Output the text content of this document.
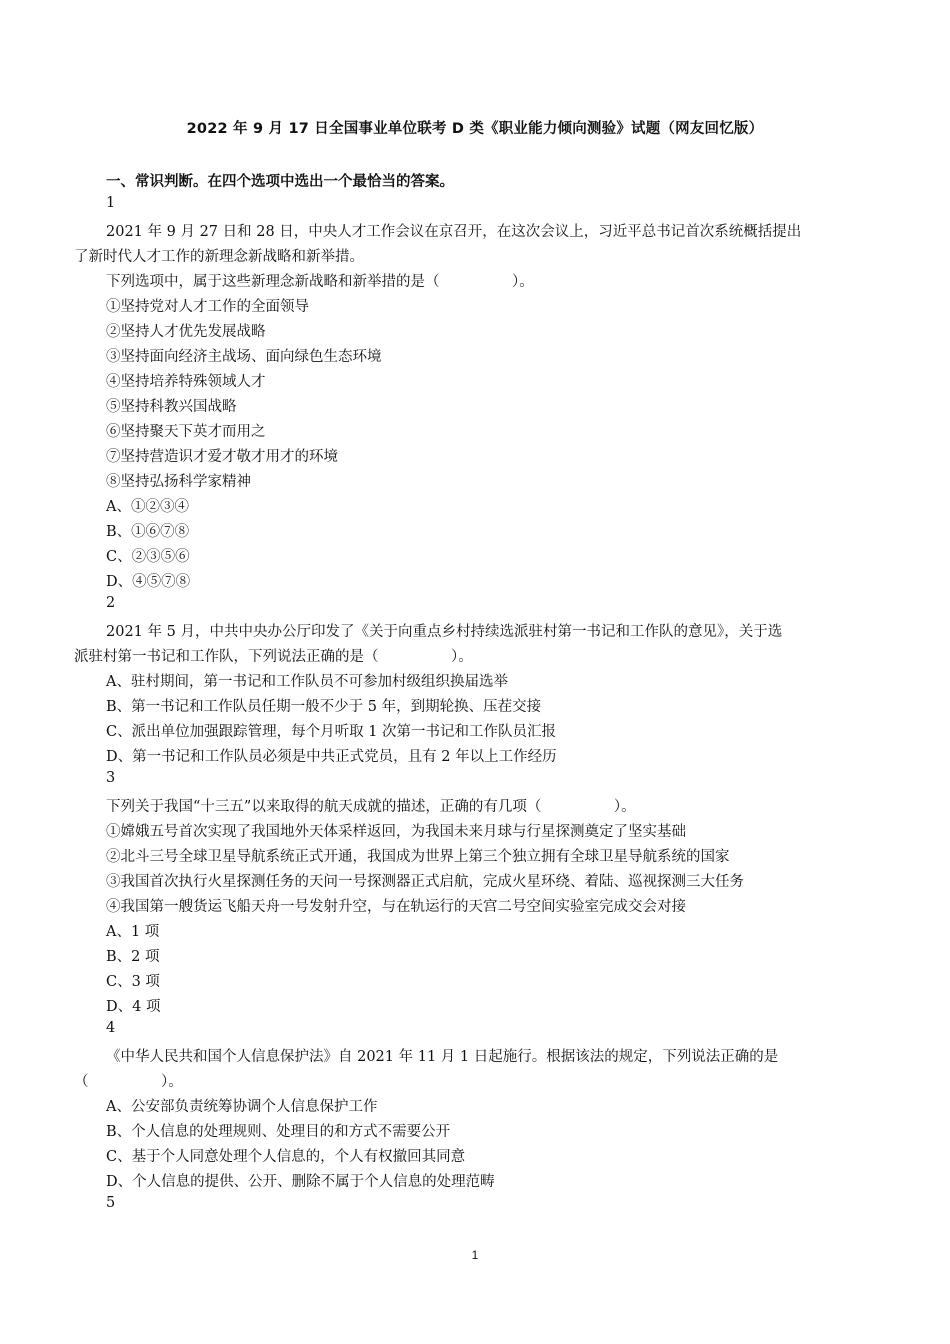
2022 年 9 月 17 日全国事业单位联考 D 类《职业能力倾向测验》试题（网友回忆版）
一、常识判断。在四个选项中选出一个最恰当的答案。
1
2021 年 9 月 27 日和 28 日，中央人才工作会议在京召开，在这次会议上，习近平总书记首次系统概括提出
了新时代人才工作的新理念新战略和新举措。
下列选项中，属于这些新理念新战略和新举措的是（　　　　　）。
①坚持党对人才工作的全面领导
②坚持人才优先发展战略
③坚持面向经济主战场、面向绿色生态环境
④坚持培养特殊领域人才
⑤坚持科教兴国战略
⑥坚持聚天下英才而用之
⑦坚持营造识才爱才敬才用才的环境
⑧坚持弘扬科学家精神
A、①②③④
B、①⑥⑦⑧
C、②③⑤⑥
D、④⑤⑦⑧
2
2021 年 5 月，中共中央办公厅印发了《关于向重点乡村持续选派驻村第一书记和工作队的意见》，关于选
派驻村第一书记和工作队，下列说法正确的是（　　　　　）。
A、驻村期间，第一书记和工作队员不可参加村级组织换届选举
B、第一书记和工作队员任期一般不少于 5 年，到期轮换、压茬交接
C、派出单位加强跟踪管理，每个月听取 1 次第一书记和工作队员汇报
D、第一书记和工作队员必须是中共正式党员，且有 2 年以上工作经历
3
下列关于我国“十三五”以来取得的航天成就的描述，正确的有几项（　　　　　）。
①嫦娥五号首次实现了我国地外天体采样返回，为我国未来月球与行星探测奠定了坚实基础
②北斗三号全球卫星导航系统正式开通，我国成为世界上第三个独立拥有全球卫星导航系统的国家
③我国首次执行火星探测任务的天问一号探测器正式启航，完成火星环绕、着陆、巡视探测三大任务
④我国第一艘货运飞船天舟一号发射升空，与在轨运行的天宫二号空间实验室完成交会对接
A、1 项
B、2 项
C、3 项
D、4 项
4
《中华人民共和国个人信息保护法》自 2021 年 11 月 1 日起施行。根据该法的规定，下列说法正确的是
（　　　　　）。
A、公安部负责统筹协调个人信息保护工作
B、个人信息的处理规则、处理目的和方式不需要公开
C、基于个人同意处理个人信息的，个人有权撤回其同意
D、个人信息的提供、公开、删除不属于个人信息的处理范畴
5
1
